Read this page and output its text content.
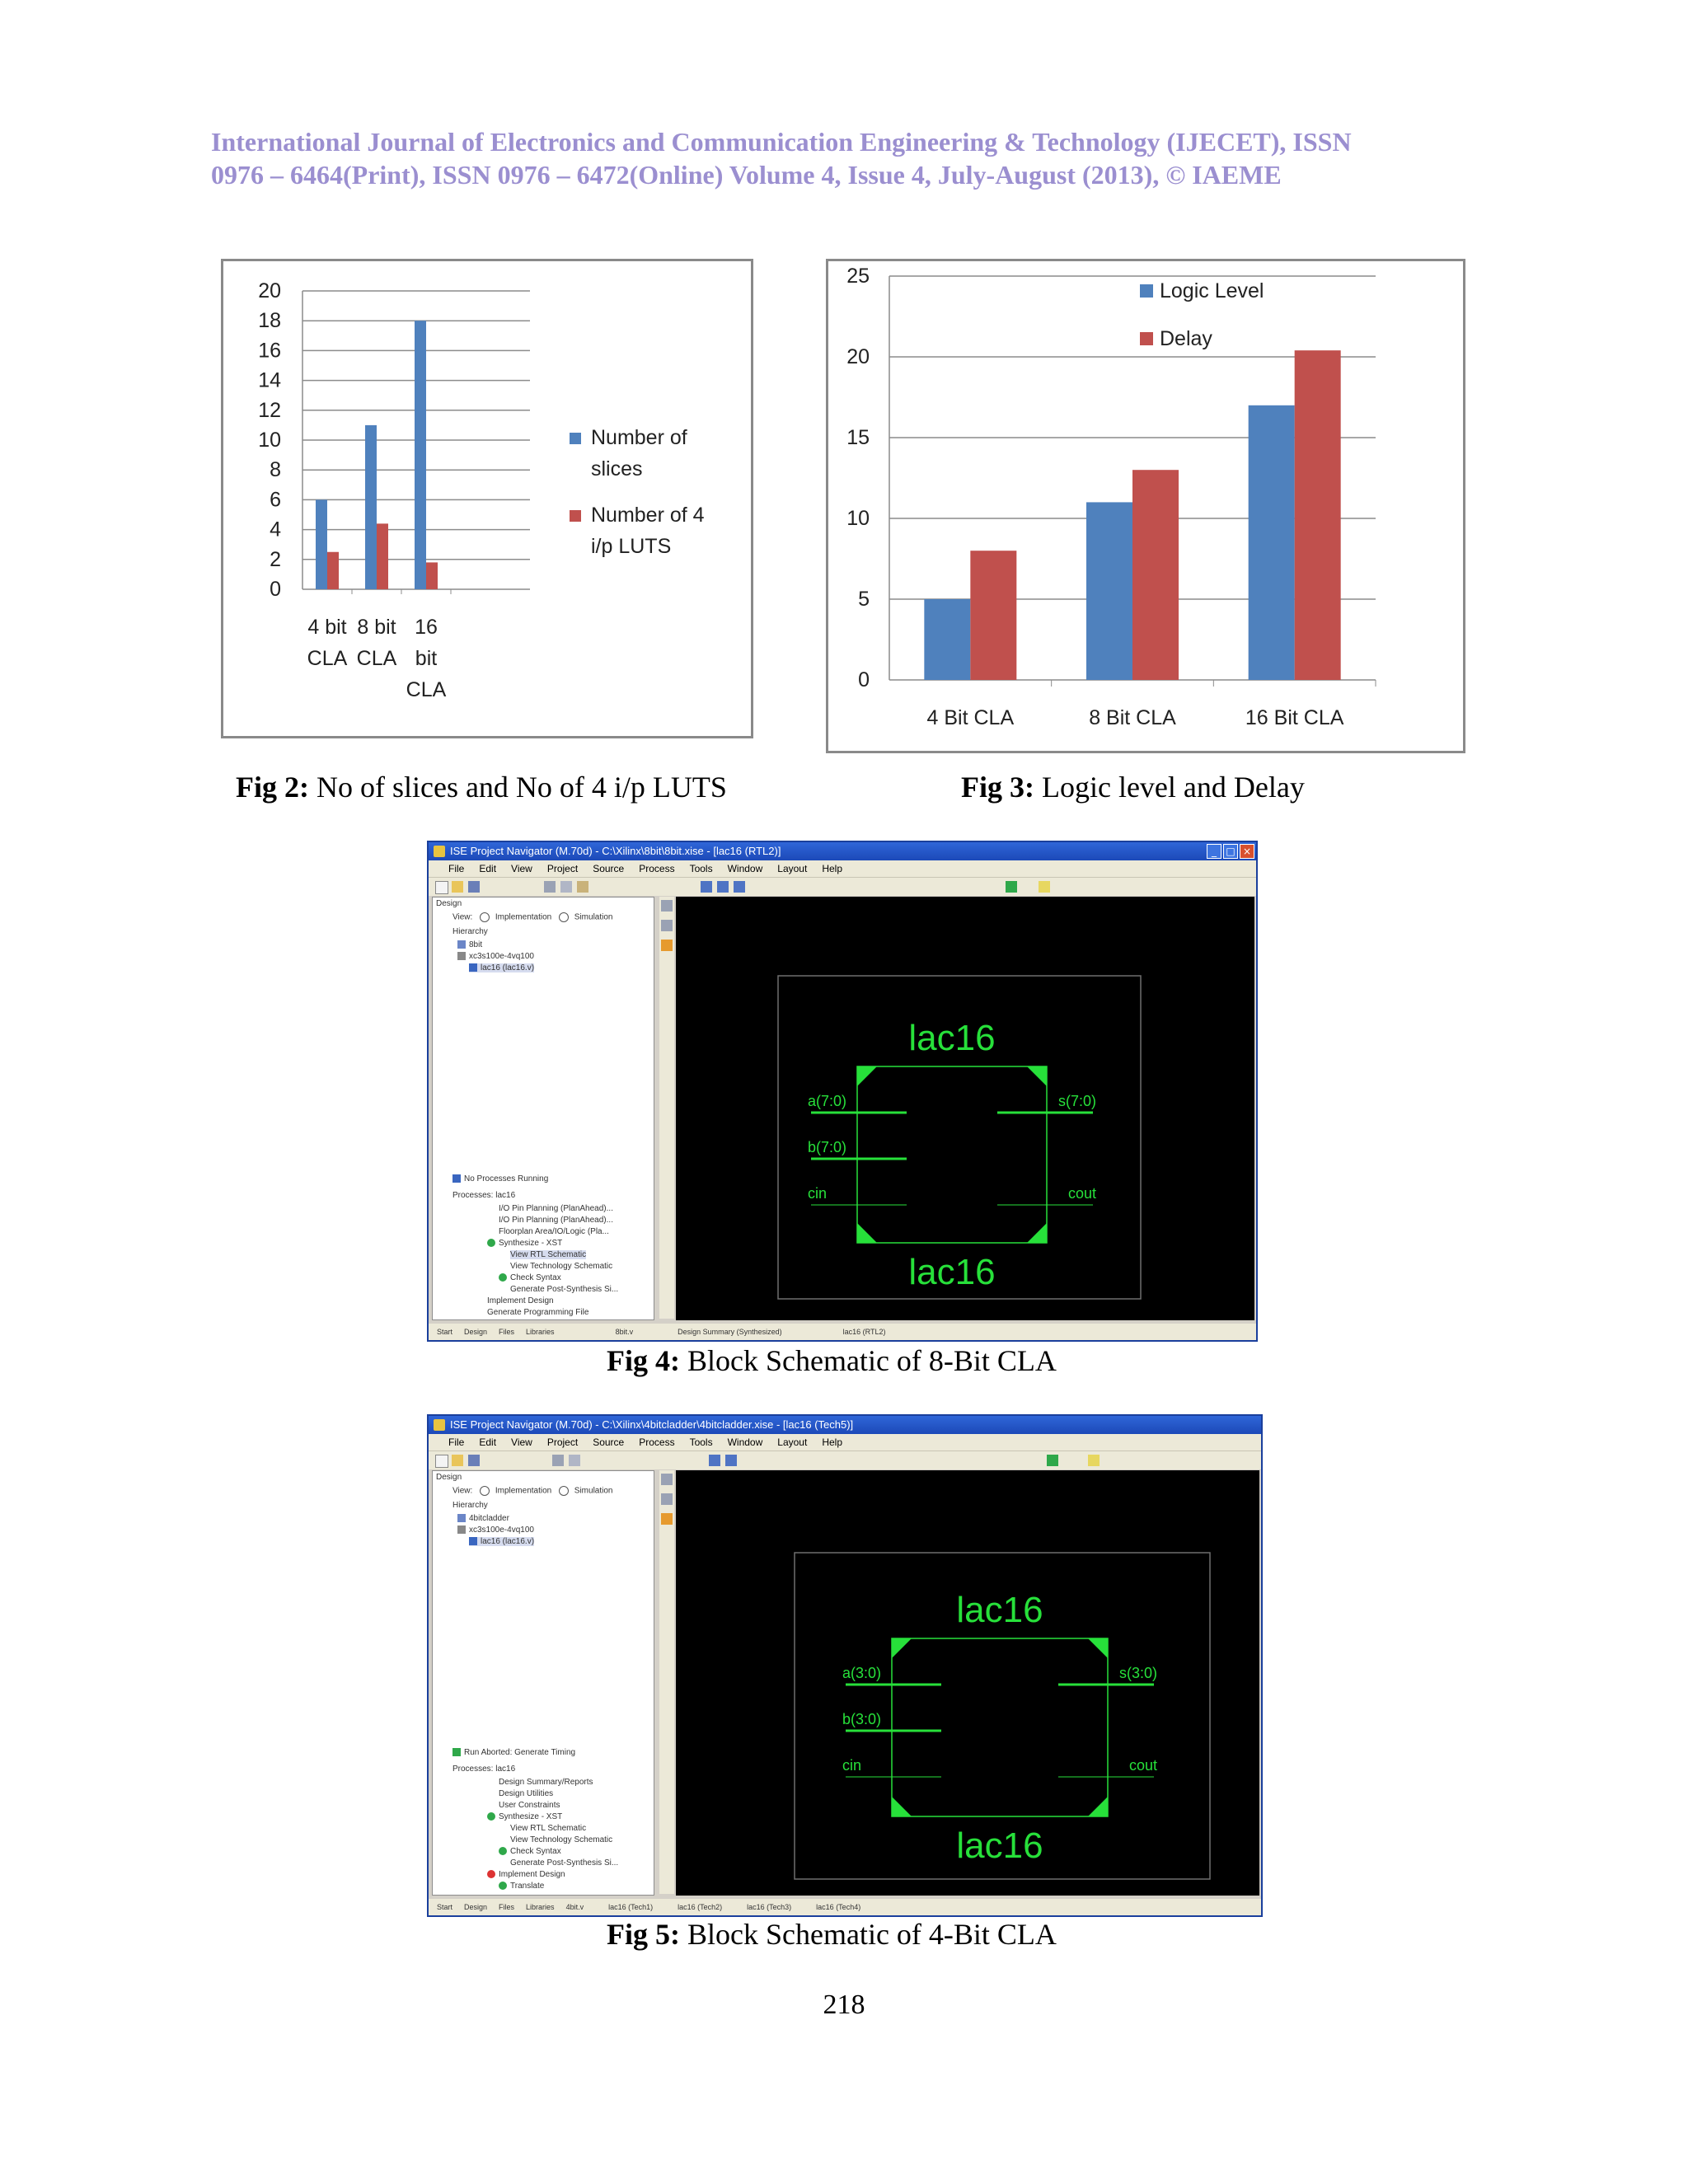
International Journal of Electronics and Communication Engineering & Technology (IJECET), ISSN
0976 – 6464(Print), ISSN 0976 – 6472(Online) Volume 4, Issue 4, July-August (2013), © IAEME
0
2
4
6
8
10
12
14
16
18
20
4 bit
CLA
8 bit
CLA
16
bit
CLA
Number of
slices
Number of 4
i/p LUTS
0
5
10
15
20
25
4 Bit CLA	8 Bit CLA	16 Bit CLA
Logic Level
Delay
Fig 2: No of slices and No of 4 i/p LUTS	Fig 3: Logic level and Delay
ISE Project Navigator (M.70d) - C:\Xilinx\8bit\8bit.xise - [lac16 (RTL2)]	_ □ ×
File Edit View Project Source Process Tools Window Layout Help
Design
View:	Implementation	Simulation
Hierarchy
8bit
xc3s100e-4vq100
lac16 (lac16.v)
No Processes Running
Processes: lac16
I/O Pin Planning (PlanAhead)...
I/O Pin Planning (PlanAhead)...
Floorplan Area/IO/Logic (Pla...
Synthesize - XST
View RTL Schematic
View Technology Schematic
Check Syntax
Generate Post-Synthesis Si...
Implement Design
Generate Programming File
lac16
lac16
a(7:0)
b(7:0)
cin
s(7:0)
cout
Start Design Files Libraries	8bit.v	Design Summary (Synthesized)	lac16 (RTL2)
Fig 4: Block Schematic of 8-Bit CLA
ISE Project Navigator (M.70d) - C:\Xilinx\4bitcladder\4bitcladder.xise - [lac16 (Tech5)]
File Edit View Project Source Process Tools Window Layout Help
Design
View:	Implementation	Simulation
Hierarchy
4bitcladder
xc3s100e-4vq100
lac16 (lac16.v)
Run Aborted: Generate Timing
Processes: lac16
Design Summary/Reports
Design Utilities
User Constraints
Synthesize - XST
View RTL Schematic
View Technology Schematic
Check Syntax
Generate Post-Synthesis Si...
Implement Design
Translate
lac16
lac16
a(3:0)
b(3:0)
cin
s(3:0)
cout
Start Design Files Libraries 4bit.v	lac16 (Tech1)	lac16 (Tech2)	lac16 (Tech3)	lac16 (Tech4)
Fig 5: Block Schematic of 4-Bit CLA
218
